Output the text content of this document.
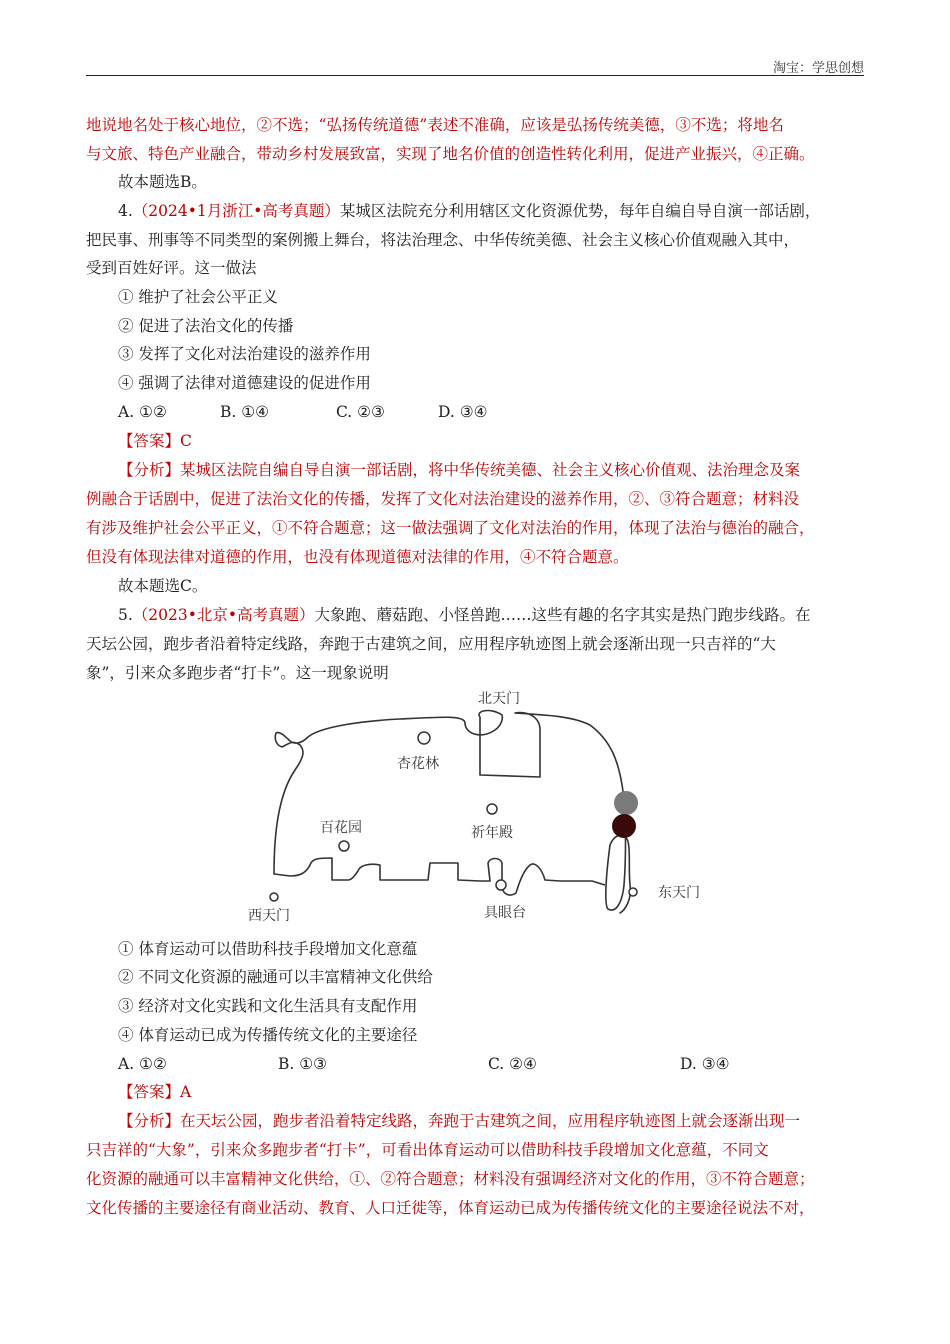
淘宝：学思创想
地说地名处于核心地位，②不选；“弘扬传统道德”表述不准确，应该是弘扬传统美德，③不选；将地名
与文旅、特色产业融合，带动乡村发展致富，实现了地名价值的创造性转化利用，促进产业振兴，④正确。
故本题选B。
4.（2024•1月浙江•高考真题）某城区法院充分利用辖区文化资源优势，每年自编自导自演一部话剧，
把民事、刑事等不同类型的案例搬上舞台，将法治理念、中华传统美德、社会主义核心价值观融入其中，
受到百姓好评。这一做法
① 维护了社会公平正义
② 促进了法治文化的传播
③ 发挥了文化对法治建设的滋养作用
④ 强调了法律对道德建设的促进作用
A. ①②	B. ①④	C. ②③	D. ③④
【答案】C
【分析】某城区法院自编自导自演一部话剧，将中华传统美德、社会主义核心价值观、法治理念及案
例融合于话剧中，促进了法治文化的传播，发挥了文化对法治建设的滋养作用，②、③符合题意；材料没
有涉及维护社会公平正义，①不符合题意；这一做法强调了文化对法治的作用，体现了法治与德治的融合，
但没有体现法律对道德的作用，也没有体现道德对法律的作用，④不符合题意。
故本题选C。
5.（2023•北京•高考真题）大象跑、蘑菇跑、小怪兽跑……这些有趣的名字其实是热门跑步线路。在
天坛公园，跑步者沿着特定线路，奔跑于古建筑之间，应用程序轨迹图上就会逐渐出现一只吉祥的“大
象”，引来众多跑步者“打卡”。这一现象说明
北天门
杏花林
百花园	祈年殿
东天门
西天门	具眼台
① 体育运动可以借助科技手段增加文化意蕴
② 不同文化资源的融通可以丰富精神文化供给
③ 经济对文化实践和文化生活具有支配作用
④ 体育运动已成为传播传统文化的主要途径
A. ①②	B. ①③	C. ②④	D. ③④
【答案】A
【分析】在天坛公园，跑步者沿着特定线路，奔跑于古建筑之间，应用程序轨迹图上就会逐渐出现一
只吉祥的“大象”，引来众多跑步者“打卡”，可看出体育运动可以借助科技手段增加文化意蕴，不同文
化资源的融通可以丰富精神文化供给，①、②符合题意；材料没有强调经济对文化的作用，③不符合题意；
文化传播的主要途径有商业活动、教育、人口迁徙等，体育运动已成为传播传统文化的主要途径说法不对，
